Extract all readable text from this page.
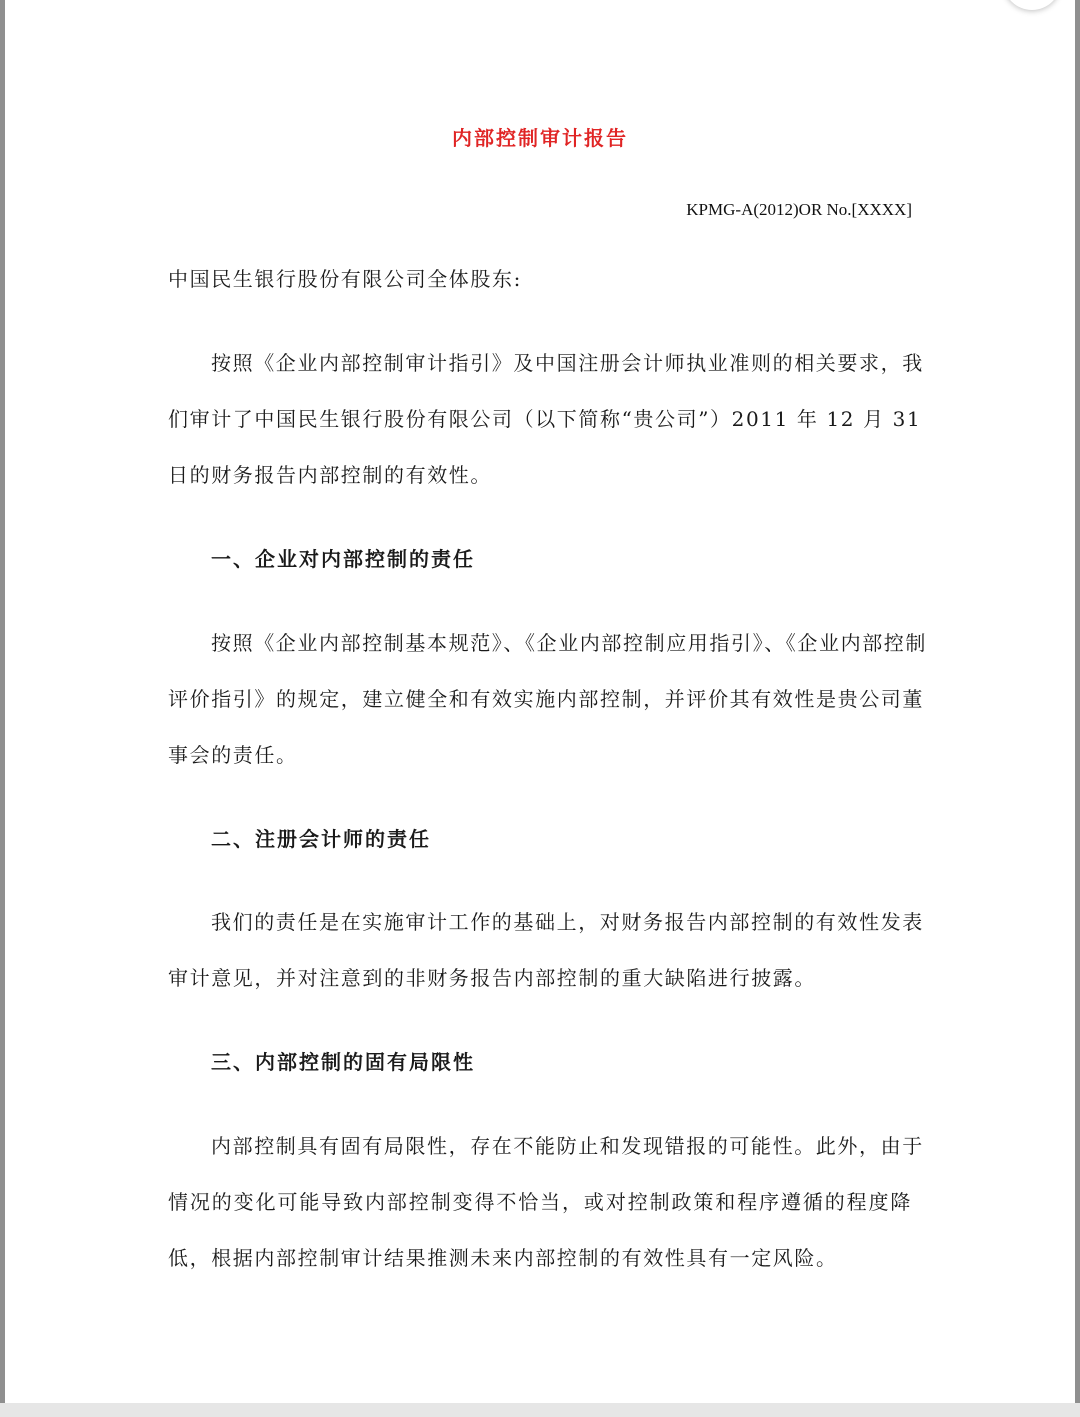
内部控制审计报告
KPMG-A(2012)OR No.[XXXX]
中国民生银行股份有限公司全体股东:
按照《企业内部控制审计指引》及中国注册会计师执业准则的相关要求，我
们审计了中国民生银行股份有限公司（以下简称“贵公司”）2011 年 12 月 31
日的财务报告内部控制的有效性。
一、企业对内部控制的责任
按照《企业内部控制基本规范》、《企业内部控制应用指引》、《企业内部控制
评价指引》的规定，建立健全和有效实施内部控制，并评价其有效性是贵公司董
事会的责任。
二、注册会计师的责任
我们的责任是在实施审计工作的基础上，对财务报告内部控制的有效性发表
审计意见，并对注意到的非财务报告内部控制的重大缺陷进行披露。
三、内部控制的固有局限性
内部控制具有固有局限性，存在不能防止和发现错报的可能性。此外，由于
情况的变化可能导致内部控制变得不恰当，或对控制政策和程序遵循的程度降
低，根据内部控制审计结果推测未来内部控制的有效性具有一定风险。
